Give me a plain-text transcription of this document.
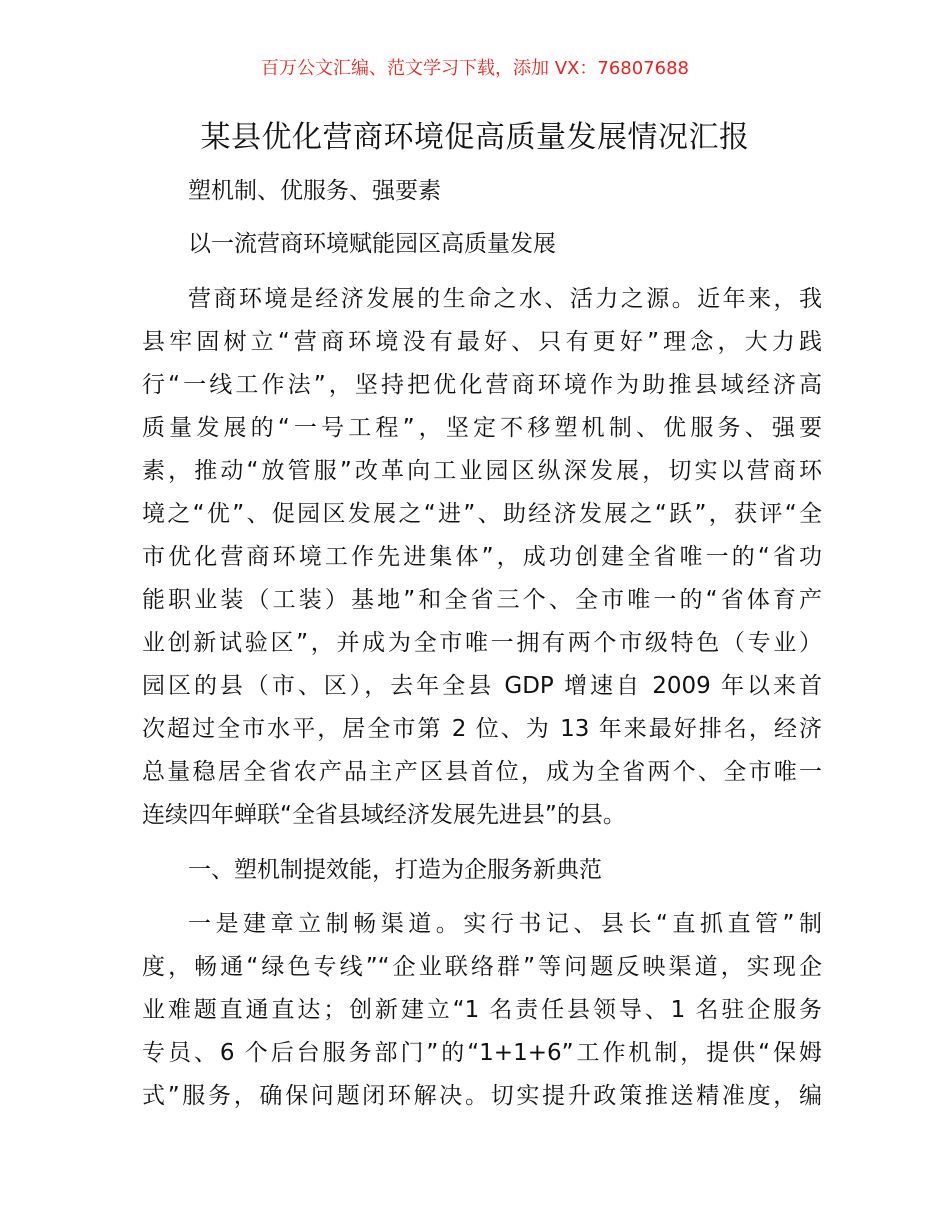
百万公文汇编、范文学习下载，添加 VX：76807688
某县优化营商环境促高质量发展情况汇报
塑机制、优服务、强要素
以一流营商环境赋能园区高质量发展
营商环境是经济发展的生命之水、活力之源。近年来，我
县牢固树立“营商环境没有最好、只有更好”理念，大力践
行“一线工作法”，坚持把优化营商环境作为助推县域经济高
质量发展的“一号工程”，坚定不移塑机制、优服务、强要
素，推动“放管服”改革向工业园区纵深发展，切实以营商环
境之“优”、促园区发展之“进”、助经济发展之“跃”，获评“全
市优化营商环境工作先进集体”，成功创建全省唯一的“省功
能职业装（工装）基地”和全省三个、全市唯一的“省体育产
业创新试验区”，并成为全市唯一拥有两个市级特色（专业）
园区的县（市、区），去年全县 GDP 增速自 2009 年以来首
次超过全市水平，居全市第 2 位、为 13 年来最好排名，经济
总量稳居全省农产品主产区县首位，成为全省两个、全市唯一
连续四年蝉联“全省县域经济发展先进县”的县。
一、塑机制提效能，打造为企服务新典范
一是建章立制畅渠道。实行书记、县长“直抓直管”制
度，畅通“绿色专线”“企业联络群”等问题反映渠道，实现企
业难题直通直达；创新建立“1 名责任县领导、1 名驻企服务
专员、6 个后台服务部门”的“1+1+6”工作机制，提供“保姆
式”服务，确保问题闭环解决。切实提升政策推送精准度，编
